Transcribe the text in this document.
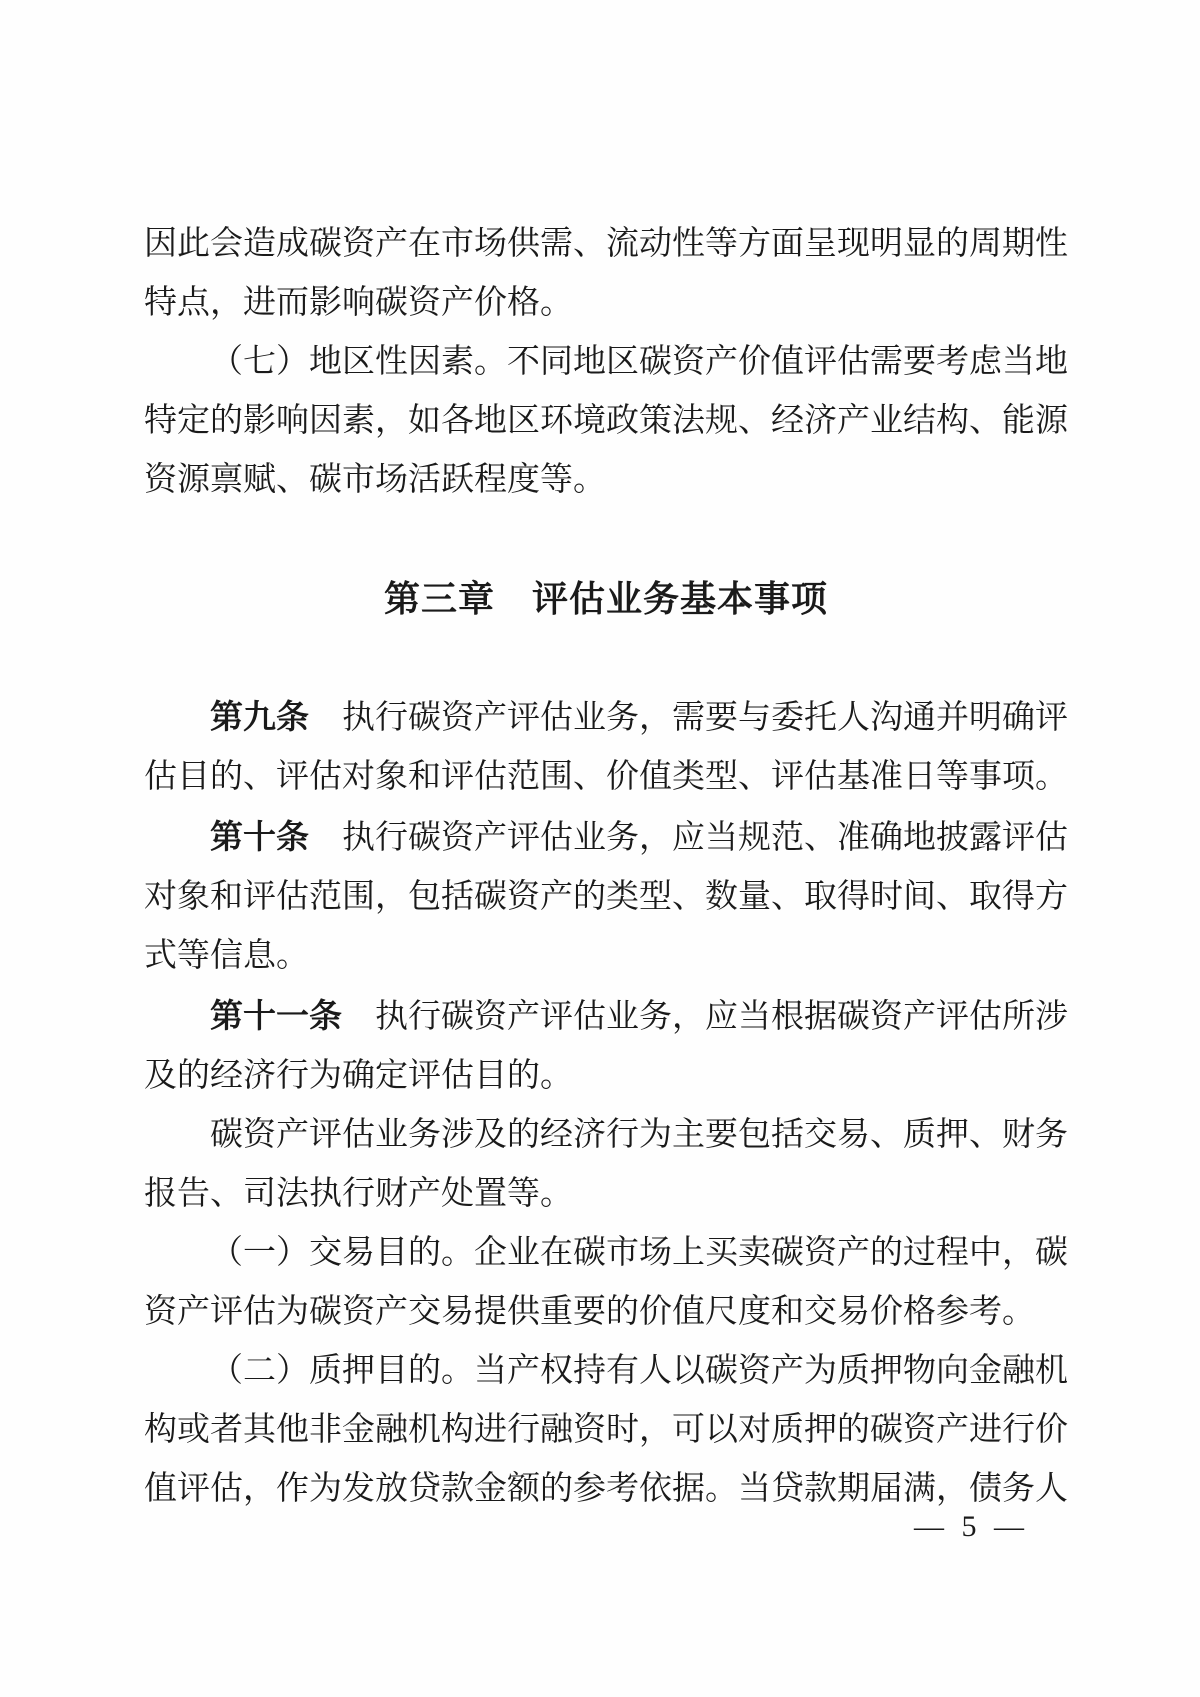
因此会造成碳资产在市场供需、流动性等方面呈现明显的周期性特点，进而影响碳资产价格。

（七）地区性因素。不同地区碳资产价值评估需要考虑当地特定的影响因素，如各地区环境政策法规、经济产业结构、能源资源禀赋、碳市场活跃程度等。

第三章　评估业务基本事项

第九条　执行碳资产评估业务，需要与委托人沟通并明确评估目的、评估对象和评估范围、价值类型、评估基准日等事项。

第十条　执行碳资产评估业务，应当规范、准确地披露评估对象和评估范围，包括碳资产的类型、数量、取得时间、取得方式等信息。

第十一条　执行碳资产评估业务，应当根据碳资产评估所涉及的经济行为确定评估目的。

碳资产评估业务涉及的经济行为主要包括交易、质押、财务报告、司法执行财产处置等。

（一）交易目的。企业在碳市场上买卖碳资产的过程中，碳资产评估为碳资产交易提供重要的价值尺度和交易价格参考。

（二）质押目的。当产权持有人以碳资产为质押物向金融机构或者其他非金融机构进行融资时，可以对质押的碳资产进行价值评估，作为发放贷款金额的参考依据。当贷款期届满，债务人

— 5 —
